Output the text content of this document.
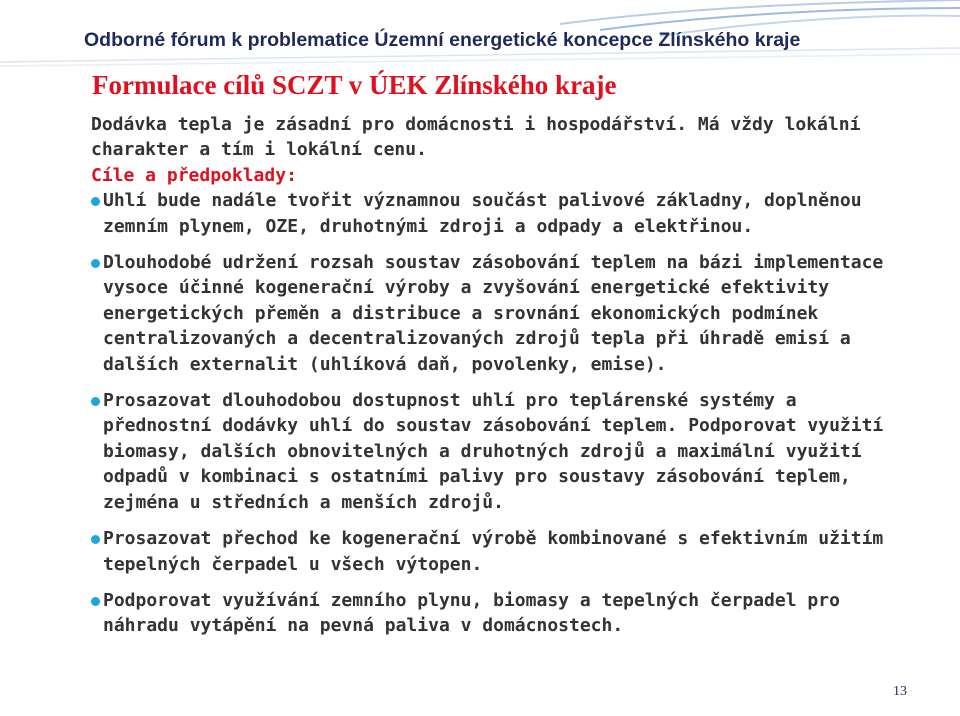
Odborné fórum k problematice Územní energetické koncepce Zlínského kraje
Formulace cílů SCZT v ÚEK Zlínského kraje

Dodávka tepla je zásadní pro domácnosti i hospodářství. Má vždy lokální charakter a tím i lokální cenu.

Cíle a předpoklady:

Uhlí bude nadále tvořit významnou součást palivové základny, doplněnou zemním plynem, OZE, druhotnými zdroji a odpady a elektřinou.

Dlouhodobé udržení rozsah soustav zásobování teplem na bázi implementace vysoce účinné kogenerační výroby a zvyšování energetické efektivity energetických přeměn a distribuce a srovnání ekonomických podmínek centralizovaných a decentralizovaných zdrojů tepla při úhradě emisí a dalších externalit (uhlíková daň, povolenky, emise).

Prosazovat dlouhodobou dostupnost uhlí pro teplárenské systémy a přednostní dodávky uhlí do soustav zásobování teplem. Podporovat využití biomasy, dalších obnovitelných a druhotných zdrojů a maximální využití odpadů v kombinaci s ostatními palivy pro soustavy zásobování teplem, zejména u středních a menších zdrojů.

Prosazovat přechod ke kogenerační výrobě kombinované s efektivním užitím tepelných čerpadel u všech výtopen.

Podporovat využívání zemního plynu, biomasy a tepelných čerpadel pro náhradu vytápění na pevná paliva v domácnostech.

13
